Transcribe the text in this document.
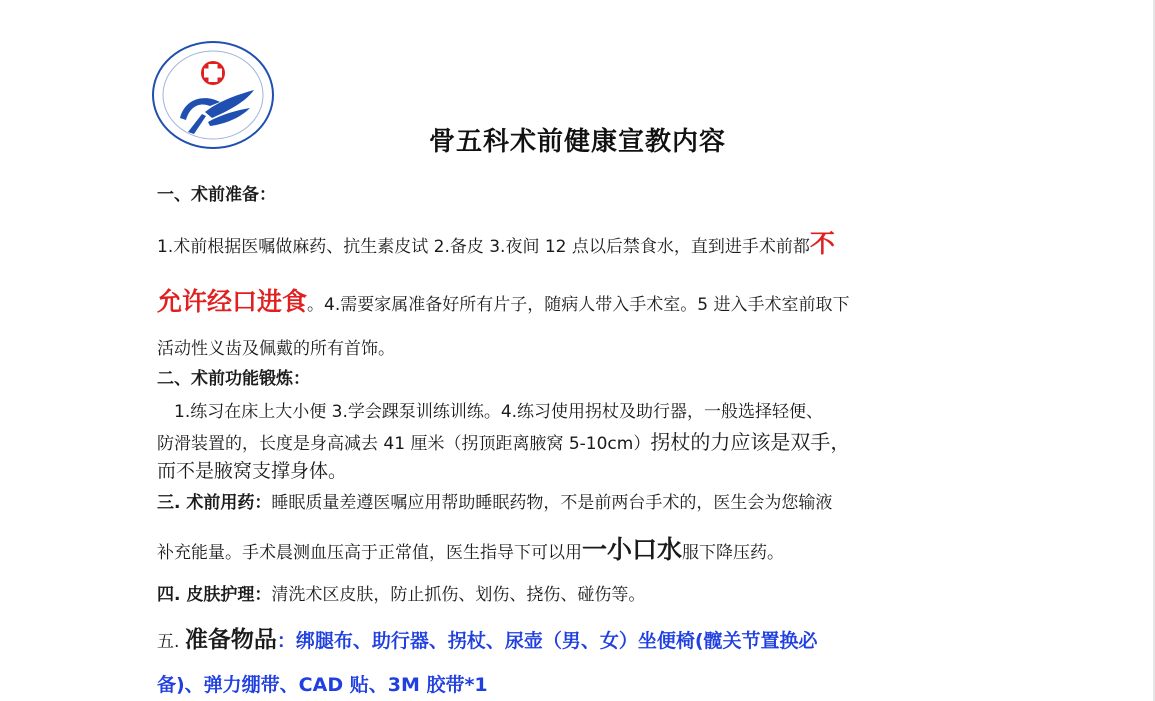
骨五科术前健康宣教内容
一、术前准备：
1.术前根据医嘱做麻药、抗生素皮试 2.备皮 3.夜间 12 点以后禁食水，直到进手术前都不
允许经口进食。4.需要家属准备好所有片子，随病人带入手术室。5 进入手术室前取下
活动性义齿及佩戴的所有首饰。
二、术前功能锻炼：
1.练习在床上大小便 3.学会踝泵训练训练。4.练习使用拐杖及助行器，一般选择轻便、
防滑装置的，长度是身高减去 41 厘米（拐顶距离腋窝 5-10cm）拐杖的力应该是双手，
而不是腋窝支撑身体。
三. 术前用药：睡眠质量差遵医嘱应用帮助睡眠药物，不是前两台手术的，医生会为您输液
补充能量。手术晨测血压高于正常值，医生指导下可以用一小口水服下降压药。
四. 皮肤护理：清洗术区皮肤，防止抓伤、划伤、挠伤、碰伤等。
五. 准备物品：绑腿布、助行器、拐杖、尿壶（男、女）坐便椅(髋关节置换必
备)、弹力绷带、CAD 贴、3M 胶带*1
